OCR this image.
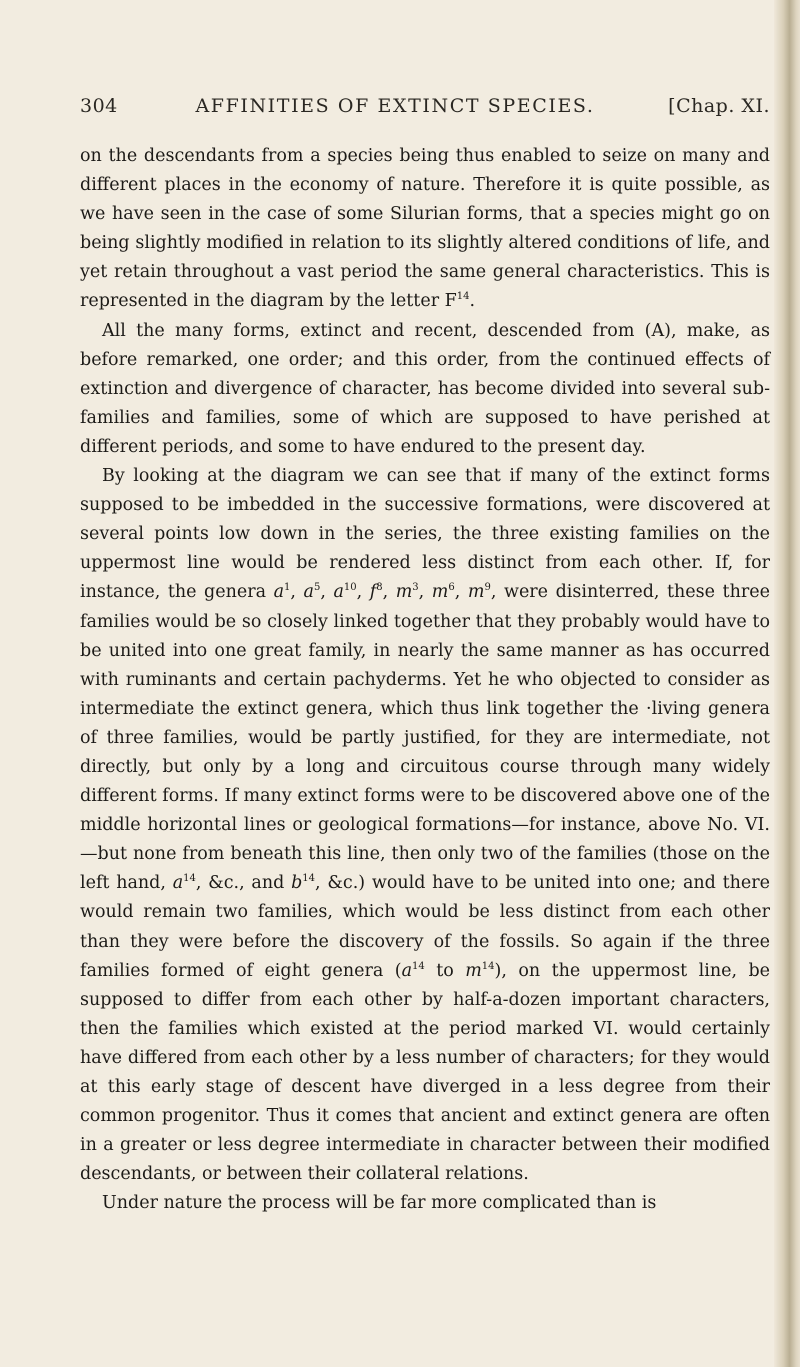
304	AFFINITIES OF EXTINCT SPECIES.	[Chap. XI.

on the descendants from a species being thus enabled to seize on many and different places in the economy of nature. Therefore it is quite possible, as we have seen in the case of some Silurian forms, that a species might go on being slightly modified in relation to its slightly altered conditions of life, and yet retain throughout a vast period the same general characteristics. This is represented in the diagram by the letter $F^{14}$.

All the many forms, extinct and recent, descended from (A), make, as before remarked, one order; and this order, from the continued effects of extinction and divergence of character, has become divided into several sub-families and families, some of which are supposed to have perished at different periods, and some to have endured to the present day.

By looking at the diagram we can see that if many of the extinct forms supposed to be imbedded in the successive formations, were discovered at several points low down in the series, the three existing families on the uppermost line would be rendered less distinct from each other. If, for instance, the genera $a^1$, $a^5$, $a^{10}$, $f^8$, $m^3$, $m^6$, $m^9$, were disinterred, these three families would be so closely linked together that they probably would have to be united into one great family, in nearly the same manner as has occurred with ruminants and certain pachyderms. Yet he who objected to consider as intermediate the extinct genera, which thus link together the ·living genera of three families, would be partly justified, for they are intermediate, not directly, but only by a long and circuitous course through many widely different forms. If many extinct forms were to be discovered above one of the middle horizontal lines or geological formations—for instance, above No. VI.—but none from beneath this line, then only two of the families (those on the left hand, $a^{14}$, &c., and $b^{14}$, &c.) would have to be united into one; and there would remain two families, which would be less distinct from each other than they were before the discovery of the fossils. So again if the three families formed of eight genera ($a^{14}$ to $m^{14}$), on the uppermost line, be supposed to differ from each other by half-a-dozen important characters, then the families which existed at the period marked VI. would certainly have differed from each other by a less number of characters; for they would at this early stage of descent have diverged in a less degree from their common progenitor. Thus it comes that ancient and extinct genera are often in a greater or less degree intermediate in character between their modified descendants, or between their collateral relations.

Under nature the process will be far more complicated than is
